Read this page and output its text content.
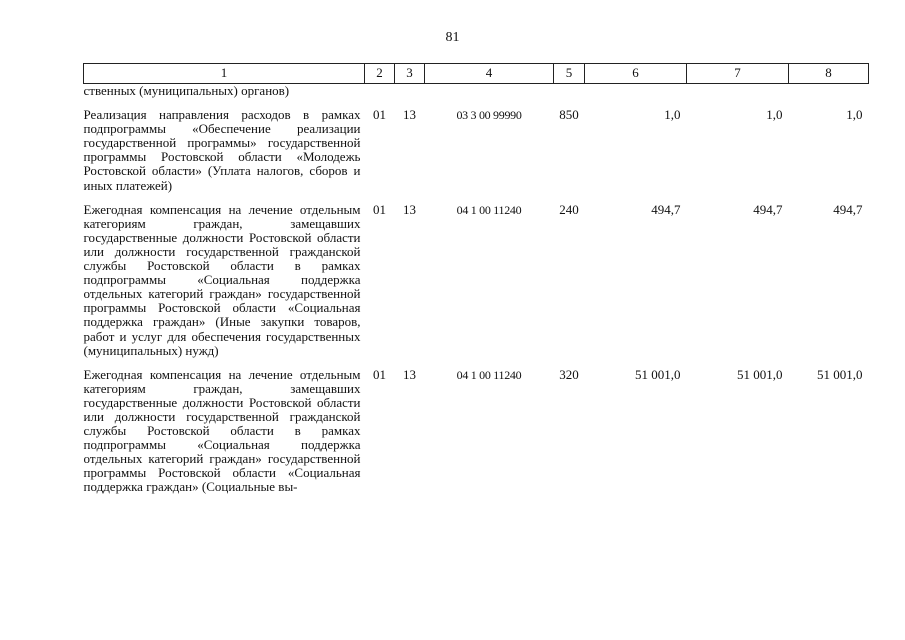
81
1	2	3	4	5	6	7	8
ственных (муниципальных) органов)							

Реализация направления расходов в рамках подпрограммы «Обеспечение реализации государственной программы» государственной программы Ростовской области «Молодежь Ростовской области» (Уплата налогов, сборов и иных платежей)	01	13	03 3 00 99990	850	1,0	1,0	1,0

Ежегодная компенсация на лечение отдельным категориям граждан, замещавших государственные должности Ростовской области или должности государственной гражданской службы Ростовской области в рамках подпрограммы «Социальная поддержка отдельных категорий граждан» государственной программы Ростовской области «Социальная поддержка граждан» (Иные закупки товаров, работ и услуг для обеспечения государственных (муниципальных) нужд)	01	13	04 1 00 11240	240	494,7	494,7	494,7

Ежегодная компенсация на лечение отдельным категориям граждан, замещавших государственные должности Ростовской области или должности государственной гражданской службы Ростовской области в рамках подпрограммы «Социальная поддержка отдельных категорий граждан» государственной программы Ростовской области «Социальная поддержка граждан» (Социальные вы-	01	13	04 1 00 11240	320	51 001,0	51 001,0	51 001,0
